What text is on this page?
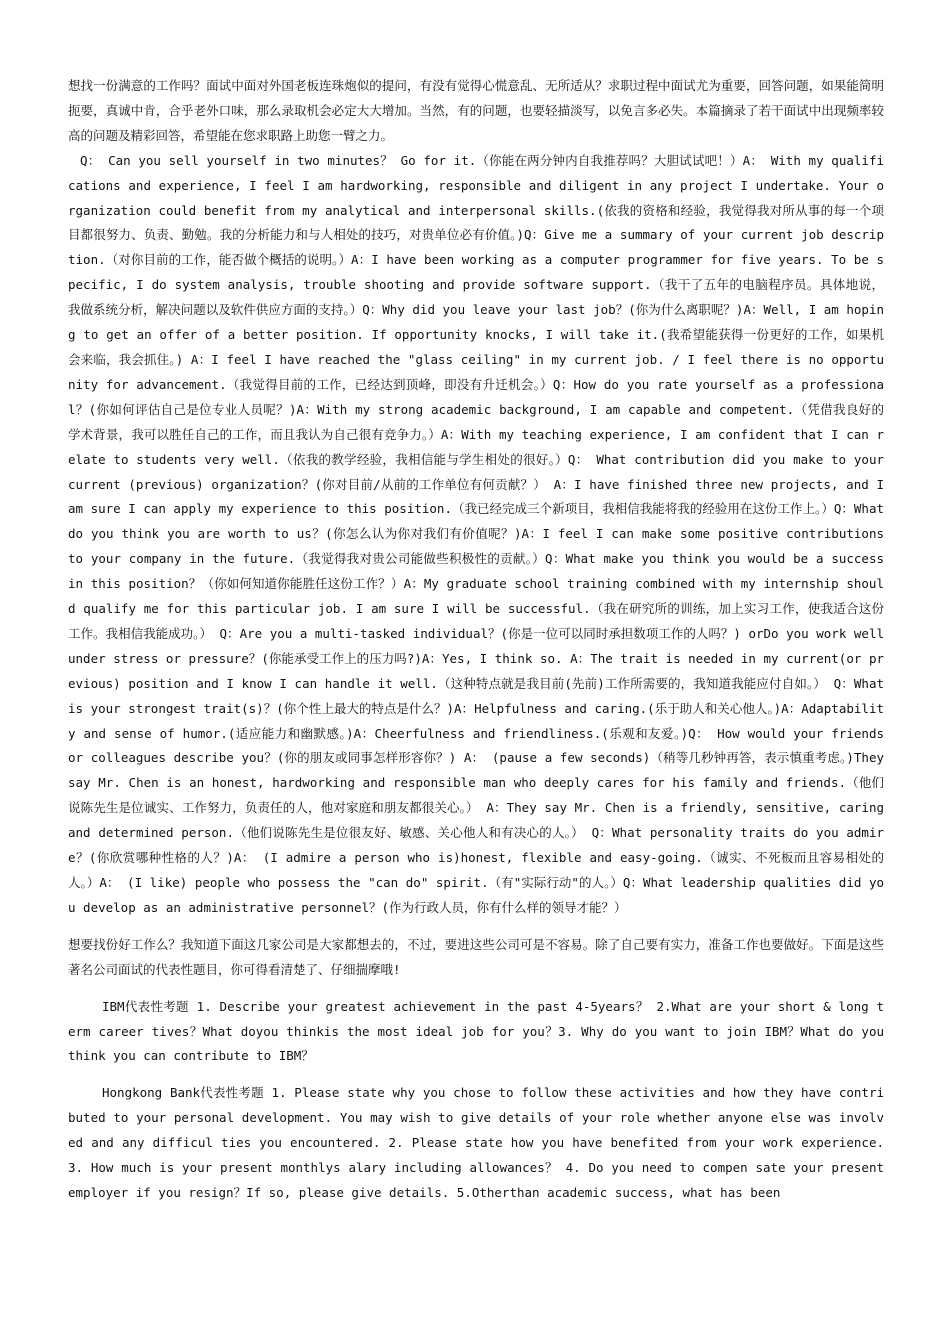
想找一份满意的工作吗？面试中面对外国老板连珠炮似的提问，有没有觉得心慌意乱、无所适从？求职过程中面试尤为重要，回答问题，如果能简明扼要，真诚中肯，合乎老外口味，那么录取机会必定大大增加。当然，有的问题，也要轻描淡写，以免言多必失。本篇摘录了若干面试中出现频率较高的问题及精彩回答，希望能在您求职路上助您一臂之力。

Q： Can you sell yourself in two minutes？ Go for it.（你能在两分钟内自我推荐吗？大胆试试吧！）A： With my qualifications and experience, I feel I am hardworking, responsible and diligent in any project I undertake. Your organization could benefit from my analytical and interpersonal skills.(依我的资格和经验，我觉得我对所从事的每一个项目都很努力、负责、勤勉。我的分析能力和与人相处的技巧，对贵单位必有价值。)Q：Give me a summary of your current job description.（对你目前的工作，能否做个概括的说明。）A：I have been working as a computer programmer for five years. To be specific, I do system analysis, trouble shooting and provide software support.（我干了五年的电脑程序员。具体地说，我做系统分析，解决问题以及软件供应方面的支持。）Q：Why did you leave your last job？(你为什么离职呢？)A：Well, I am hoping to get an offer of a better position. If opportunity knocks, I will take it.(我希望能获得一份更好的工作，如果机会来临，我会抓住。) A：I feel I have reached the "glass ceiling" in my current job. / I feel there is no opportunity for advancement.（我觉得目前的工作，已经达到顶峰，即没有升迁机会。）Q：How do you rate yourself as a professional？(你如何评估自己是位专业人员呢？)A：With my strong academic background, I am capable and competent.（凭借我良好的学术背景，我可以胜任自己的工作，而且我认为自己很有竞争力。）A：With my teaching experience, I am confident that I can relate to students very well.（依我的教学经验，我相信能与学生相处的很好。）Q： What contribution did you make to your current (previous) organization？(你对目前/从前的工作单位有何贡献？） A：I have finished three new projects, and I am sure I can apply my experience to this position.（我已经完成三个新项目，我相信我能将我的经验用在这份工作上。）Q：What do you think you are worth to us？(你怎么认为你对我们有价值呢？)A：I feel I can make some positive contributions to your company in the future.（我觉得我对贵公司能做些积极性的贡献。）Q：What make you think you would be a success in this position？（你如何知道你能胜任这份工作？）A：My graduate school training combined with my internship should qualify me for this particular job. I am sure I will be successful.（我在研究所的训练，加上实习工作，使我适合这份工作。我相信我能成功。） Q：Are you a multi-tasked individual？(你是一位可以同时承担数项工作的人吗？) orDo you work well under stress or pressure？(你能承受工作上的压力吗?)A：Yes, I think so. A：The trait is needed in my current(or previous) position and I know I can handle it well.（这种特点就是我目前(先前)工作所需要的，我知道我能应付自如。） Q：What is your strongest trait(s)？(你个性上最大的特点是什么？)A：Helpfulness and caring.(乐于助人和关心他人。)A：Adaptability and sense of humor.(适应能力和幽默感。)A：Cheerfulness and friendliness.(乐观和友爱。)Q： How would your friends or colleagues describe you？(你的朋友或同事怎样形容你？) A： (pause a few seconds)（稍等几秒钟再答，表示慎重考虑。)They say Mr. Chen is an honest, hardworking and responsible man who deeply cares for his family and friends.（他们说陈先生是位诚实、工作努力，负责任的人，他对家庭和朋友都很关心。） A：They say Mr. Chen is a friendly, sensitive, caring and determined person.（他们说陈先生是位很友好、敏感、关心他人和有决心的人。） Q：What personality traits do you admire？(你欣赏哪种性格的人？)A： (I admire a person who is)honest, flexible and easy-going.（诚实、不死板而且容易相处的人。）A： (I like) people who possess the "can do" spirit.（有"实际行动"的人。）Q：What leadership qualities did you develop as an administrative personnel？(作为行政人员，你有什么样的领导才能？）

想要找份好工作么？我知道下面这几家公司是大家都想去的，不过，要进这些公司可是不容易。除了自己要有实力，准备工作也要做好。下面是这些著名公司面试的代表性题目，你可得看清楚了、仔细揣摩哦!

IBM代表性考题 1. Describe your greatest achievement in the past 4-5years？ 2.What are your short & long term career tives？What doyou thinkis the most ideal job for you？3. Why do you want to join IBM？What do you think you can contribute to IBM？

Hongkong Bank代表性考题 1. Please state why you chose to follow these activities and how they have contributed to your personal development. You may wish to give details of your role whether anyone else was involved and any difficul ties you encountered. 2. Please state how you have benefited from your work experience. 3. How much is your present monthlys alary including allowances？ 4. Do you need to compen sate your present employer if you resign？If so, please give details. 5.Otherthan academic success, what has been
